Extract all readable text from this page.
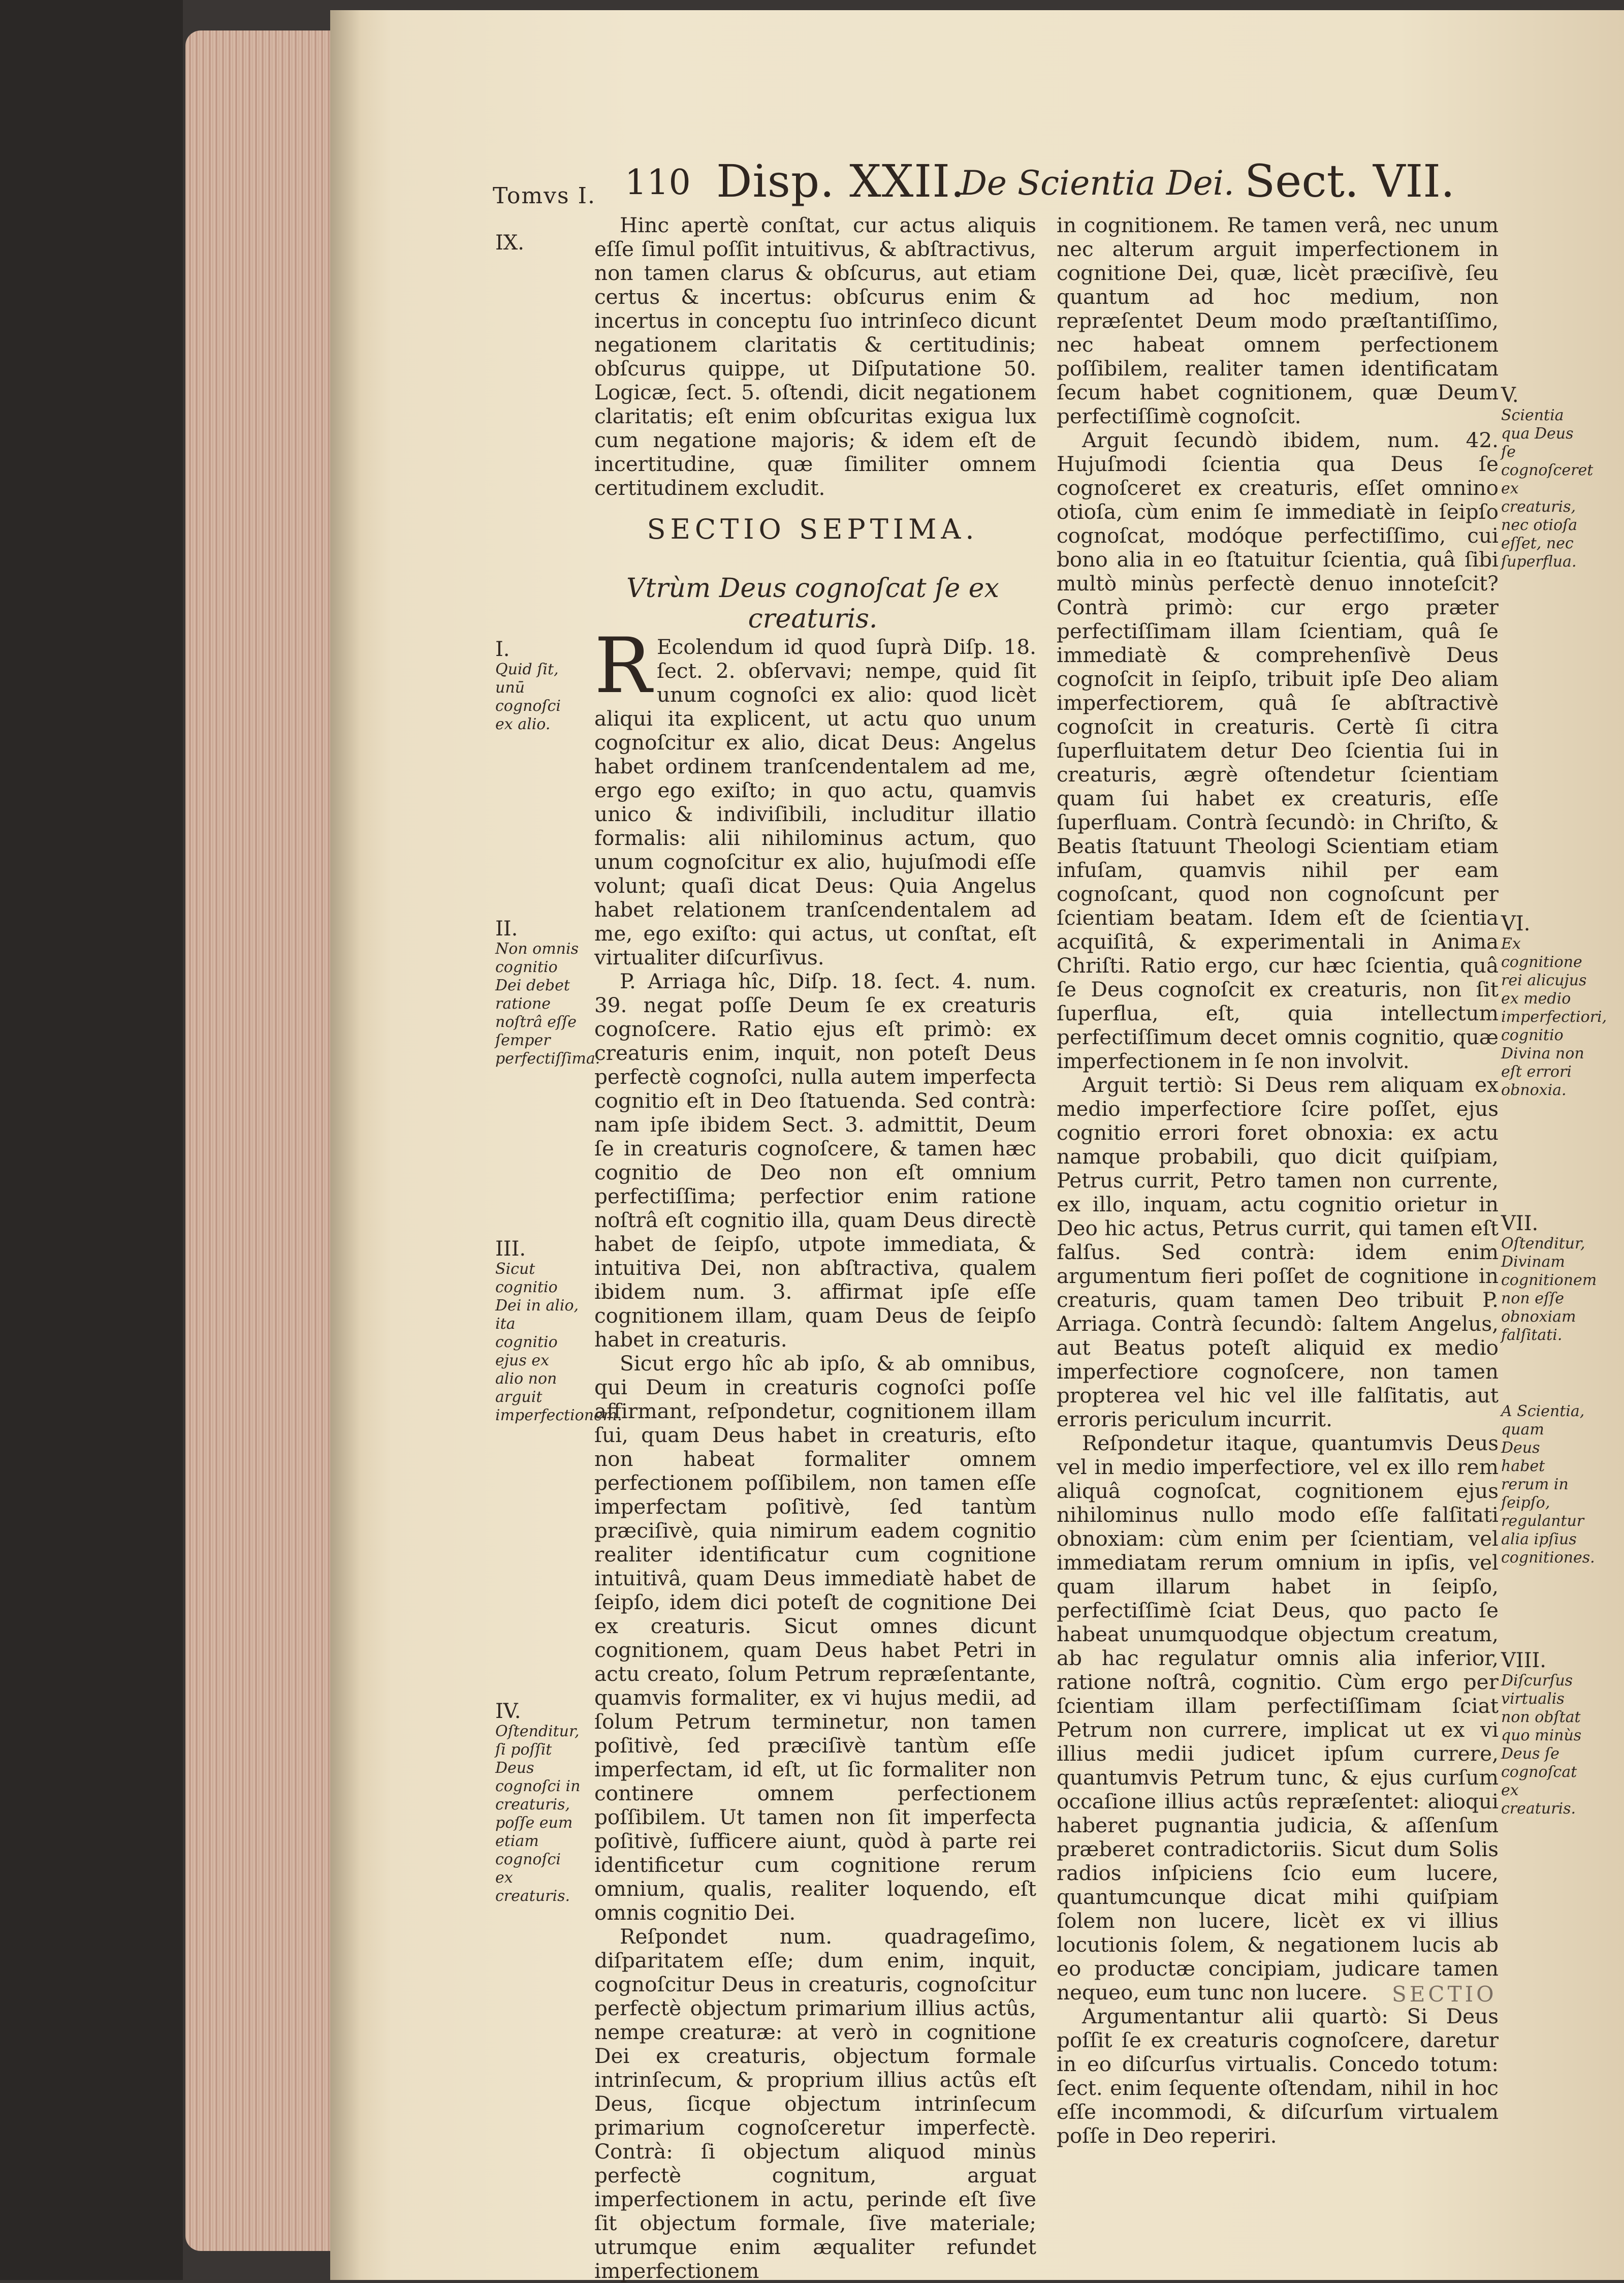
Tomvs I. 110 Disp. XXII.
De Scientia Dei. Sect. VII.

Hinc apertè conſtat, cur actus aliquis eſſe ſimul poſſit intuitivus, & abſtractivus, non tamen clarus & obſcurus, aut etiam certus & incertus: obſcurus enim & incertus in conceptu ſuo intrinſeco dicunt negationem claritatis & certitudinis; obſcurus quippe, ut Diſputatione 50. Logicæ, ſect. 5. oſtendi, dicit negationem claritatis; eſt enim obſcuritas exigua lux cum negatione majoris; & idem eſt de incertitudine, quæ ſimiliter omnem certitudinem excludit.

SECTIO SEPTIMA.
Vtrùm Deus cognoſcat ſe ex creaturis.

R Ecolendum id quod ſuprà Diſp. 18. ſect. 2. obſervavi; nempe, quid ſit unum cognoſci ex alio: quod licèt aliqui ita explicent, ut actu quo unum cognoſcitur ex alio, dicat Deus: Angelus habet ordinem tranſcendentalem ad me, ergo ego exiſto; in quo actu, quamvis unico & indiviſibili, includitur illatio formalis: alii nihilominus actum, quo unum cognoſcitur ex alio, hujuſmodi eſſe volunt; quaſi dicat Deus: Quia Angelus habet relationem tranſcendentalem ad me, ego exiſto: qui actus, ut conſtat, eſt virtualiter diſcurſivus.

P. Arriaga hîc, Diſp. 18. ſect. 4. num. 39. negat poſſe Deum ſe ex creaturis cognoſcere. Ratio ejus eſt primò: ex creaturis enim, inquit, non poteſt Deus perfectè cognoſci, nulla autem imperfecta cognitio eſt in Deo ſtatuenda. Sed contrà: nam ipſe ibidem Sect. 3. admittit, Deum ſe in creaturis cognoſcere, & tamen hæc cognitio de Deo non eſt omnium perfectiſſima; perfectior enim ratione noſtrâ eſt cognitio illa, quam Deus directè habet de ſeipſo, utpote immediata, & intuitiva Dei, non abſtractiva, qualem ibidem num. 3. affirmat ipſe eſſe cognitionem illam, quam Deus de ſeipſo habet in creaturis.

Sicut ergo hîc ab ipſo, & ab omnibus, qui Deum in creaturis cognoſci poſſe affirmant, reſpondetur, cognitionem illam ſui, quam Deus habet in creaturis, eſto non habeat formaliter omnem perfectionem poſſibilem, non tamen eſſe imperfectam poſitivè, ſed tantùm præciſivè, quia nimirum eadem cognitio realiter identificatur cum cognitione intuitivâ, quam Deus immediatè habet de ſeipſo, idem dici poteſt de cognitione Dei ex creaturis. Sicut omnes dicunt cognitionem, quam Deus habet Petri in actu creato, ſolum Petrum repræſentante, quamvis formaliter, ex vi hujus medii, ad ſolum Petrum terminetur, non tamen poſitivè, ſed præciſivè tantùm eſſe imperfectam, id eſt, ut ſic formaliter non continere omnem perfectionem poſſibilem. Ut tamen non ſit imperfecta poſitivè, ſufficere aiunt, quòd à parte rei identificetur cum cognitione rerum omnium, qualis, realiter loquendo, eſt omnis cognitio Dei.

Reſpondet num. quadrageſimo, diſparitatem eſſe; dum enim, inquit, cognoſcitur Deus in creaturis, cognoſcitur perfectè objectum primarium illius actûs, nempe creaturæ: at verò in cognitione Dei ex creaturis, objectum formale intrinſecum, & proprium illius actûs eſt Deus, ſicque objectum intrinſecum primarium cognoſceretur imperfectè. Contrà: ſi objectum aliquod minùs perfectè cognitum, arguat imperfectionem in actu, perinde eſt ſive ſit objectum formale, ſive materiale; utrumque enim æqualiter refundet imperfectionem

in cognitionem. Re tamen verâ, nec unum nec alterum arguit imperfectionem in cognitione Dei, quæ, licèt præciſivè, ſeu quantum ad hoc medium, non repræſentet Deum modo præſtantiſſimo, nec habeat omnem perfectionem poſſibilem, realiter tamen identificatam ſecum habet cognitionem, quæ Deum perfectiſſimè cognoſcit.

Arguit ſecundò ibidem, num. 42. Hujuſmodi ſcientia qua Deus ſe cognoſceret ex creaturis, eſſet omnino otioſa, cùm enim ſe immediatè in ſeipſo cognoſcat, modóque perfectiſſimo, cui bono alia in eo ſtatuitur ſcientia, quâ ſibi multò minùs perfectè denuo innoteſcit? Contrà primò: cur ergo præter perfectiſſimam illam ſcientiam, quâ ſe immediatè & comprehenſivè Deus cognoſcit in ſeipſo, tribuit ipſe Deo aliam imperfectiorem, quâ ſe abſtractivè cognoſcit in creaturis. Certè ſi citra ſuperfluitatem detur Deo ſcientia ſui in creaturis, ægrè oſtendetur ſcientiam quam ſui habet ex creaturis, eſſe ſuperfluam. Contrà ſecundò: in Chriſto, & Beatis ſtatuunt Theologi Scientiam etiam infuſam, quamvis nihil per eam cognoſcant, quod non cognoſcunt per ſcientiam beatam. Idem eſt de ſcientia acquiſitâ, & experimentali in Anima Chriſti. Ratio ergo, cur hæc ſcientia, quâ ſe Deus cognoſcit ex creaturis, non ſit ſuperflua, eſt, quia intellectum perfectiſſimum decet omnis cognitio, quæ imperfectionem in ſe non involvit.

Arguit tertiò: Si Deus rem aliquam ex medio imperfectiore ſcire poſſet, ejus cognitio errori foret obnoxia: ex actu namque probabili, quo dicit quiſpiam, Petrus currit, Petro tamen non currente, ex illo, inquam, actu cognitio orietur in Deo hic actus, Petrus currit, qui tamen eſt falſus. Sed contrà: idem enim argumentum fieri poſſet de cognitione in creaturis, quam tamen Deo tribuit P. Arriaga. Contrà ſecundò: ſaltem Angelus, aut Beatus poteſt aliquid ex medio imperfectiore cognoſcere, non tamen propterea vel hic vel ille falſitatis, aut erroris periculum incurrit.

Reſpondetur itaque, quantumvis Deus vel in medio imperfectiore, vel ex illo rem aliquâ cognoſcat, cognitionem ejus nihilominus nullo modo eſſe falſitati obnoxiam: cùm enim per ſcientiam, vel immediatam rerum omnium in ipſis, vel quam illarum habet in ſeipſo, perfectiſſimè ſciat Deus, quo pacto ſe habeat unumquodque objectum creatum, ab hac regulatur omnis alia inferior, ratione noſtrâ, cognitio. Cùm ergo per ſcientiam illam perfectiſſimam ſciat Petrum non currere, implicat ut ex vi illius medii judicet ipſum currere, quantumvis Petrum tunc, & ejus curſum occaſione illius actûs repræſentet: alioqui haberet pugnantia judicia, & aſſenſum præberet contradictoriis. Sicut dum Solis radios inſpiciens ſcio eum lucere, quantumcunque dicat mihi quiſpiam ſolem non lucere, licèt ex vi illius locutionis ſolem, & negationem lucis ab eo productæ concipiam, judicare tamen nequeo, eum tunc non lucere.

Argumentantur alii quartò: Si Deus poſſit ſe ex creaturis cognoſcere, daretur in eo diſcurſus virtualis. Concedo totum: ſect. enim ſequente oſtendam, nihil in hoc eſſe incommodi, & diſcurſum virtualem poſſe in Deo reperiri.

IX.
I.
Quid ſit, unū cognoſci ex alio.
II.
Non omnis cognitio Dei debet ratione noſtrâ eſſe ſemper perfectiſſima.
III.
Sicut cognitio Dei in alio, ita cognitio ejus ex alio non arguit imperfectionem.
IV.
Oſtenditur, ſi poſſit Deus cognoſci in creaturis, poſſe eum etiam cognoſci ex creaturis.
V.
Scientia qua Deus ſe cognoſceret ex creaturis, nec otioſa eſſet, nec ſuperflua.
VI.
Ex cognitione rei alicujus ex medio imperfectiori, cognitio Divina non eſt errori obnoxia.
VII.
Oſtenditur, Divinam cognitionem non eſſe obnoxiam falſitati.
A Scientia, quam Deus habet rerum in ſeipſo, regulantur alia ipſius cognitiones.
VIII.
Diſcurſus virtualis non obſtat quo minùs Deus ſe cognoſcat ex creaturis.
SECTIO
